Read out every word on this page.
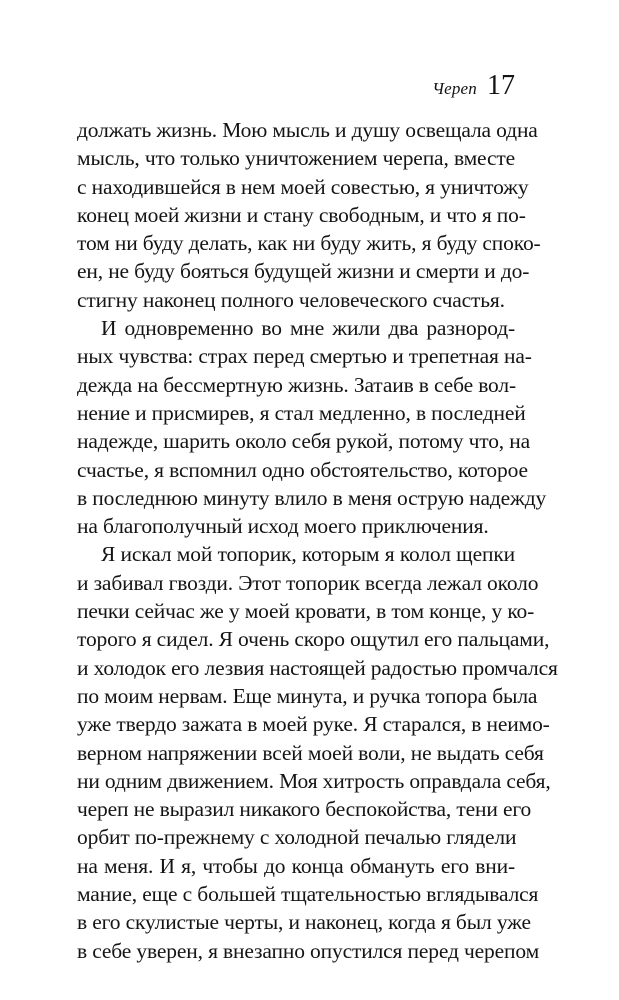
Череп 17
должать жизнь. Мою мысль и душу освещала одна
мысль, что только уничтожением черепа, вместе
с находившейся в нем моей совестью, я уничтожу
конец моей жизни и стану свободным, и что я по-
том ни буду делать, как ни буду жить, я буду споко-
ен, не буду бояться будущей жизни и смерти и до-
стигну наконец полного человеческого счастья.
И одновременно во мне жили два разнород-
ных чувства: страх перед смертью и трепетная на-
дежда на бессмертную жизнь. Затаив в себе вол-
нение и присмирев, я стал медленно, в последней
надежде, шарить около себя рукой, потому что, на
счастье, я вспомнил одно обстоятельство, которое
в последнюю минуту влило в меня острую надежду
на благополучный исход моего приключения.
Я искал мой топорик, которым я колол щепки
и забивал гвозди. Этот топорик всегда лежал около
печки сейчас же у моей кровати, в том конце, у ко-
торого я сидел. Я очень скоро ощутил его пальцами,
и холодок его лезвия настоящей радостью промчался
по моим нервам. Еще минута, и ручка топора была
уже твердо зажата в моей руке. Я старался, в неимо-
верном напряжении всей моей воли, не выдать себя
ни одним движением. Моя хитрость оправдала себя,
череп не выразил никакого беспокойства, тени его
орбит по-прежнему с холодной печалью глядели
на меня. И я, чтобы до конца обмануть его вни-
мание, еще с большей тщательностью вглядывался
в его скулистые черты, и наконец, когда я был уже
в себе уверен, я внезапно опустился перед черепом
